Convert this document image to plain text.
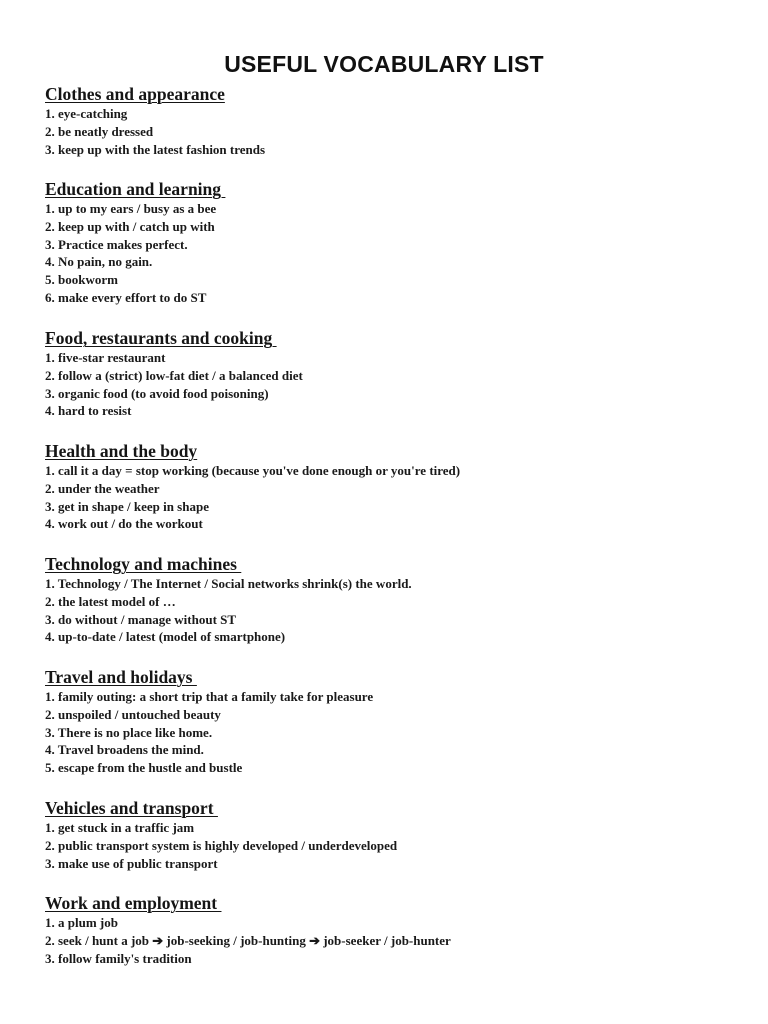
USEFUL VOCABULARY LIST
Clothes and appearance
1. eye-catching
2. be neatly dressed
3. keep up with the latest fashion trends
Education and learning
1. up to my ears / busy as a bee
2. keep up with / catch up with
3. Practice makes perfect.
4. No pain, no gain.
5. bookworm
6. make every effort to do ST
Food, restaurants and cooking
1. five-star restaurant
2. follow a (strict) low-fat diet / a balanced diet
3. organic food (to avoid food poisoning)
4. hard to resist
Health and the body
1. call it a day = stop working (because you've done enough or you're tired)
2. under the weather
3. get in shape / keep in shape
4. work out / do the workout
Technology and machines
1. Technology / The Internet / Social networks shrink(s) the world.
2. the latest model of …
3. do without / manage without ST
4. up-to-date / latest (model of smartphone)
Travel and holidays
1. family outing: a short trip that a family take for pleasure
2. unspoiled / untouched beauty
3. There is no place like home.
4. Travel broadens the mind.
5. escape from the hustle and bustle
Vehicles and transport
1. get stuck in a traffic jam
2. public transport system is highly developed / underdeveloped
3. make use of public transport
Work and employment
1. a plum job
2. seek / hunt a job ➔ job-seeking / job-hunting ➔ job-seeker / job-hunter
3. follow family's tradition
